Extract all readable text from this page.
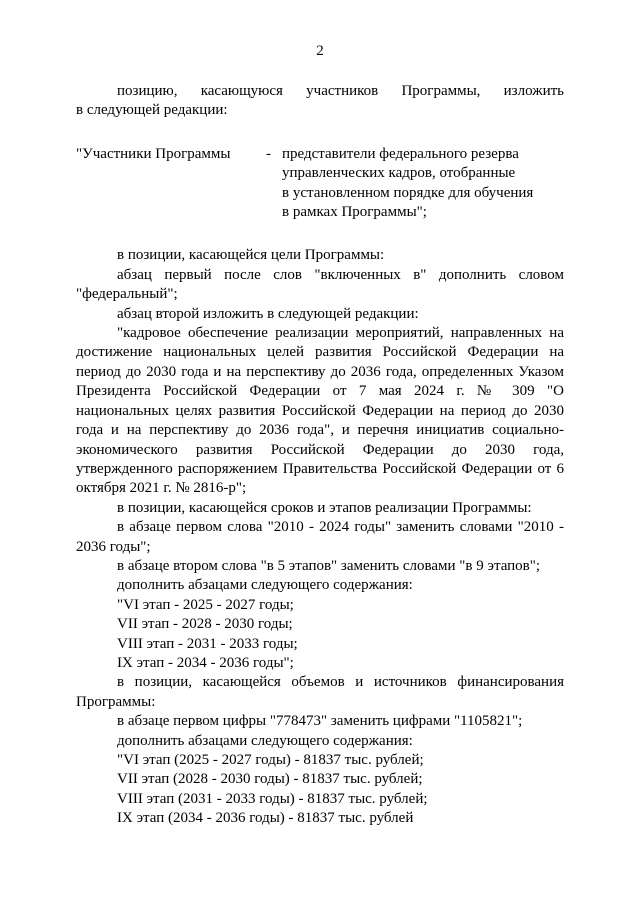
2

позицию, касающуюся участников Программы, изложить

в следующей редакции:

"Участники Программы	- представители федерального резерва
управленческих кадров, отобранные
в установленном порядке для обучения
в рамках Программы";

в позиции, касающейся цели Программы:

абзац первый после слов "включенных в" дополнить словом "федеральный";

абзац второй изложить в следующей редакции:

"кадровое обеспечение реализации мероприятий, направленных на достижение национальных целей развития Российской Федерации на период до 2030 года и на перспективу до 2036 года, определенных Указом Президента Российской Федерации от 7 мая 2024 г. № 309 "О национальных целях развития Российской Федерации на период до 2030 года и на перспективу до 2036 года", и перечня инициатив социально-экономического развития Российской Федерации до 2030 года, утвержденного распоряжением Правительства Российской Федерации от 6 октября 2021 г. № 2816-р";

в позиции, касающейся сроков и этапов реализации Программы:

в абзаце первом слова "2010 - 2024 годы" заменить словами "2010 - 2036 годы";

в абзаце втором слова "в 5 этапов" заменить словами "в 9 этапов";

дополнить абзацами следующего содержания:

"VI этап - 2025 - 2027 годы;

VII этап - 2028 - 2030 годы;

VIII этап - 2031 - 2033 годы;

IX этап - 2034 - 2036 годы";

в позиции, касающейся объемов и источников финансирования Программы:

в абзаце первом цифры "778473" заменить цифрами "1105821";

дополнить абзацами следующего содержания:

"VI этап (2025 - 2027 годы) - 81837 тыс. рублей;

VII этап (2028 - 2030 годы) - 81837 тыс. рублей;

VIII этап (2031 - 2033 годы) - 81837 тыс. рублей;

IX этап (2034 - 2036 годы) - 81837 тыс. рублей
